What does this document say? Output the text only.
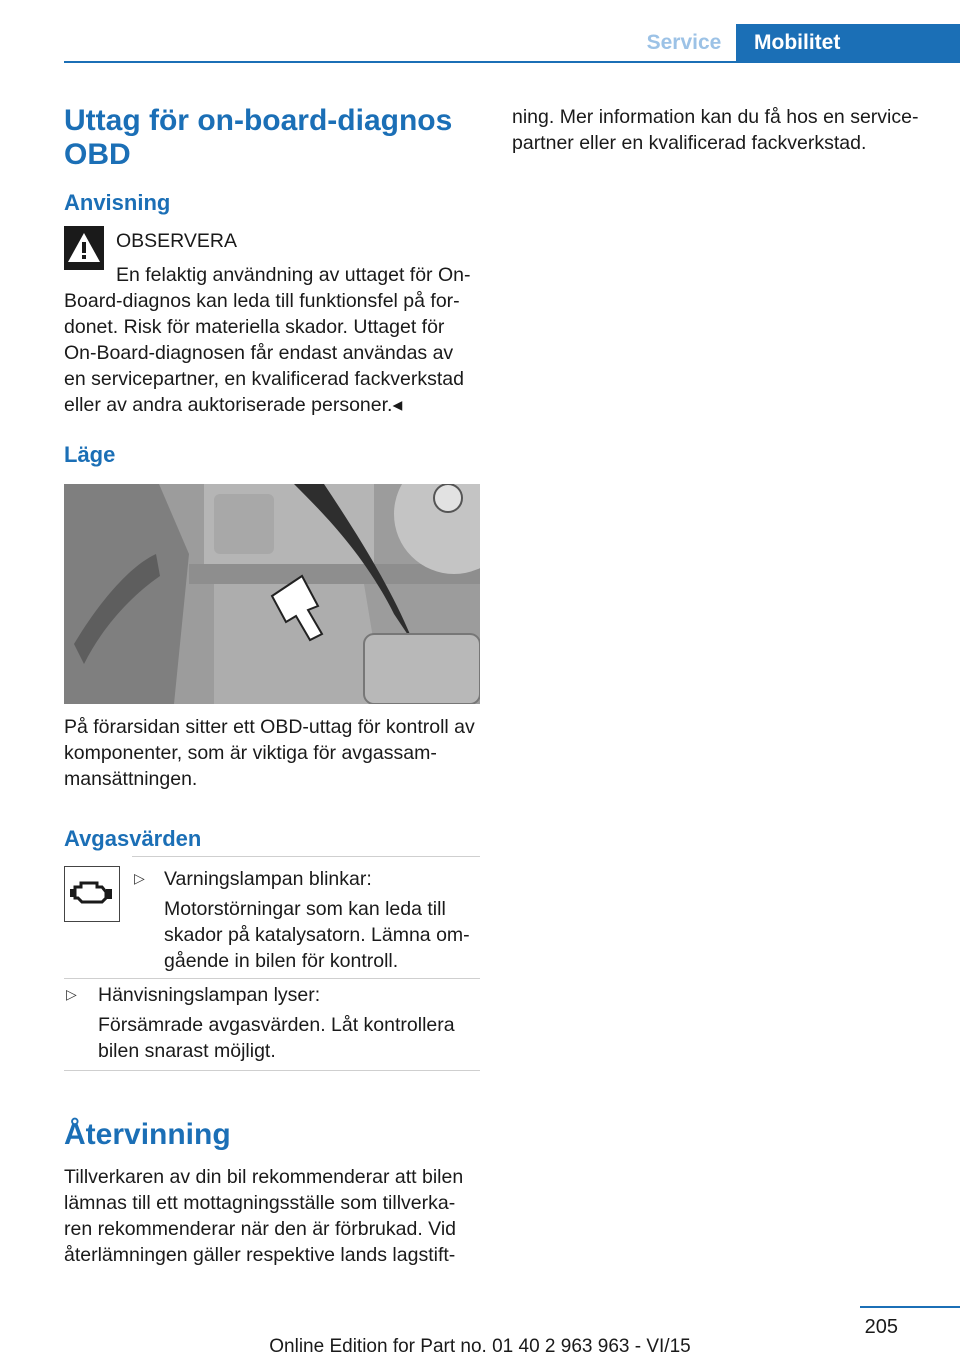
Service	Mobilitet
Uttag för on-board-diagnos
OBD
Anvisning
OBSERVERA
En felaktig användning av uttaget för On-Board-diagnos kan leda till funktionsfel på for-donet. Risk för materiella skador. Uttaget för On-Board-diagnosen får endast användas av en servicepartner, en kvalificerad fackverkstad eller av andra auktoriserade personer.◂
Läge
På förarsidan sitter ett OBD-uttag för kontroll av komponenter, som är viktiga för avgassam-mansättningen.
Avgasvärden
▷ Varningslampan blinkar:
Motorstörningar som kan leda till skador på katalysatorn. Lämna om-gående in bilen för kontroll.
▷ Hänvisningslampan lyser:
Försämrade avgasvärden. Låt kontrollera bilen snarast möjligt.
Återvinning
Tillverkaren av din bil rekommenderar att bilen lämnas till ett mottagningsställe som tillverka-ren rekommenderar när den är förbrukad. Vid återlämningen gäller respektive lands lagstift-
ning. Mer information kan du få hos en service-partner eller en kvalificerad fackverkstad.
205
Online Edition for Part no. 01 40 2 963 963 - VI/15
